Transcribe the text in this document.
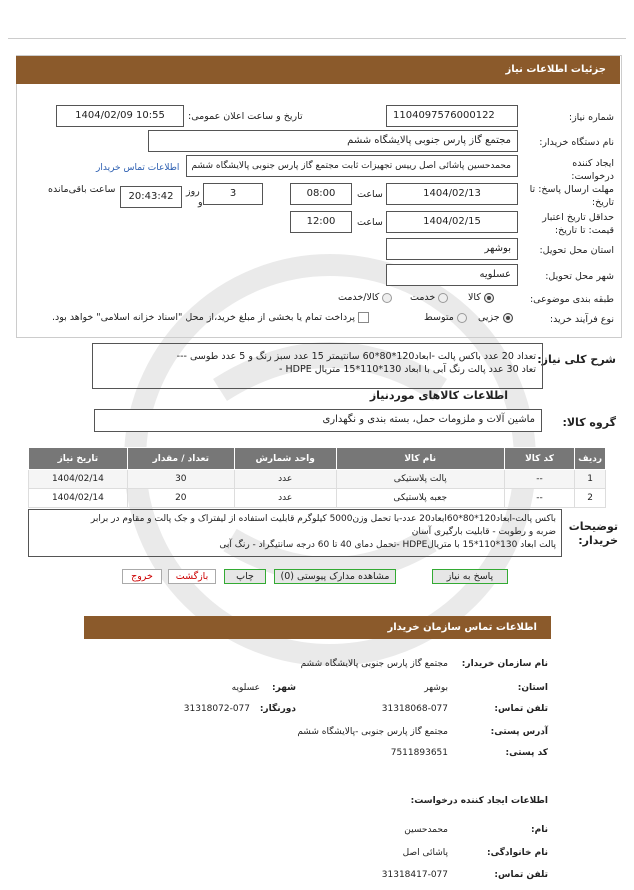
جزئیات اطلاعات نیاز
شماره نیاز:
1104097576000122
تاریخ و ساعت اعلان عمومی:
1404/02/09 10:55
نام دستگاه خریدار:
مجتمع گاز پارس جنوبی پالایشگاه ششم
ایجاد کننده درخواست:
محمدحسین پاشائی اصل رییس تجهیزات ثابت مجتمع گاز پارس جنوبی پالایشگاه ششم
اطلاعات تماس خریدار
مهلت ارسال پاسخ: تا تاریخ:
1404/02/13
ساعت
08:00
3
روز
و
20:43:42
ساعت باقی‌مانده
حداقل تاریخ اعتبار قیمت: تا تاریخ:
1404/02/15
ساعت
12:00
استان محل تحویل:
بوشهر
شهر محل تحویل:
عسلویه
طبقه بندی موضوعی:
کالا
خدمت
کالا/خدمت
نوع فرآیند خرید:
جزیی
متوسط
پرداخت تمام یا بخشی از مبلغ خرید،از محل "اسناد خزانه اسلامی" خواهد بود.
شرح کلی نیاز:
تعداد 20 عدد باکس پالت -ابعاد120*80*60 سانتیمتر 15 عدد سبز رنگ و 5 عدد طوسی ---
تعاد 30 عدد پالت رنگ آبی با ابعاد 130*110*15 متریال HDPE -
اطلاعات کالاهای موردنیاز
گروه کالا:
ماشین آلات و ملزومات حمل، بسته بندی و نگهداری
ردیف	کد کالا	نام کالا	واحد شمارش	تعداد / مقدار	تاریخ نیاز
1	--	پالت پلاستیکی	عدد	30	1404/02/14
2	--	جعبه پلاستیکی	عدد	20	1404/02/14
توضیحات خریدار:
باکس پالت-ابعاد120*80*60ابعاد20 عدد-با تحمل وزن5000 کیلوگرم قابلیت استفاده از لیفتراک و جک پالت و مقاوم در برابر
ضربه و رطوبت - قابلیت بارگیری آسان
پالت ابعاد 130*110*15 با متریالHDPE -تحمل دمای 40 تا 60 درجه سانتیگراد - رنگ آبی
پاسخ به نیاز
مشاهده مدارک پیوستی (0)
چاپ
بازگشت
خروج
اطلاعات تماس سازمان خریدار
نام سازمان خریدار:
مجتمع گاز پارس جنوبی پالایشگاه ششم
استان:
بوشهر
شهر:
عسلویه
تلفن تماس:
31318068-077
دورنگار:
31318072-077
آدرس پستی:
مجتمع گاز پارس جنوبی -پالایشگاه ششم
کد پستی:
7511893651
اطلاعات ایجاد کننده درخواست:
نام:
محمدحسین
نام خانوادگی:
پاشائی اصل
تلفن تماس:
31318417-077
